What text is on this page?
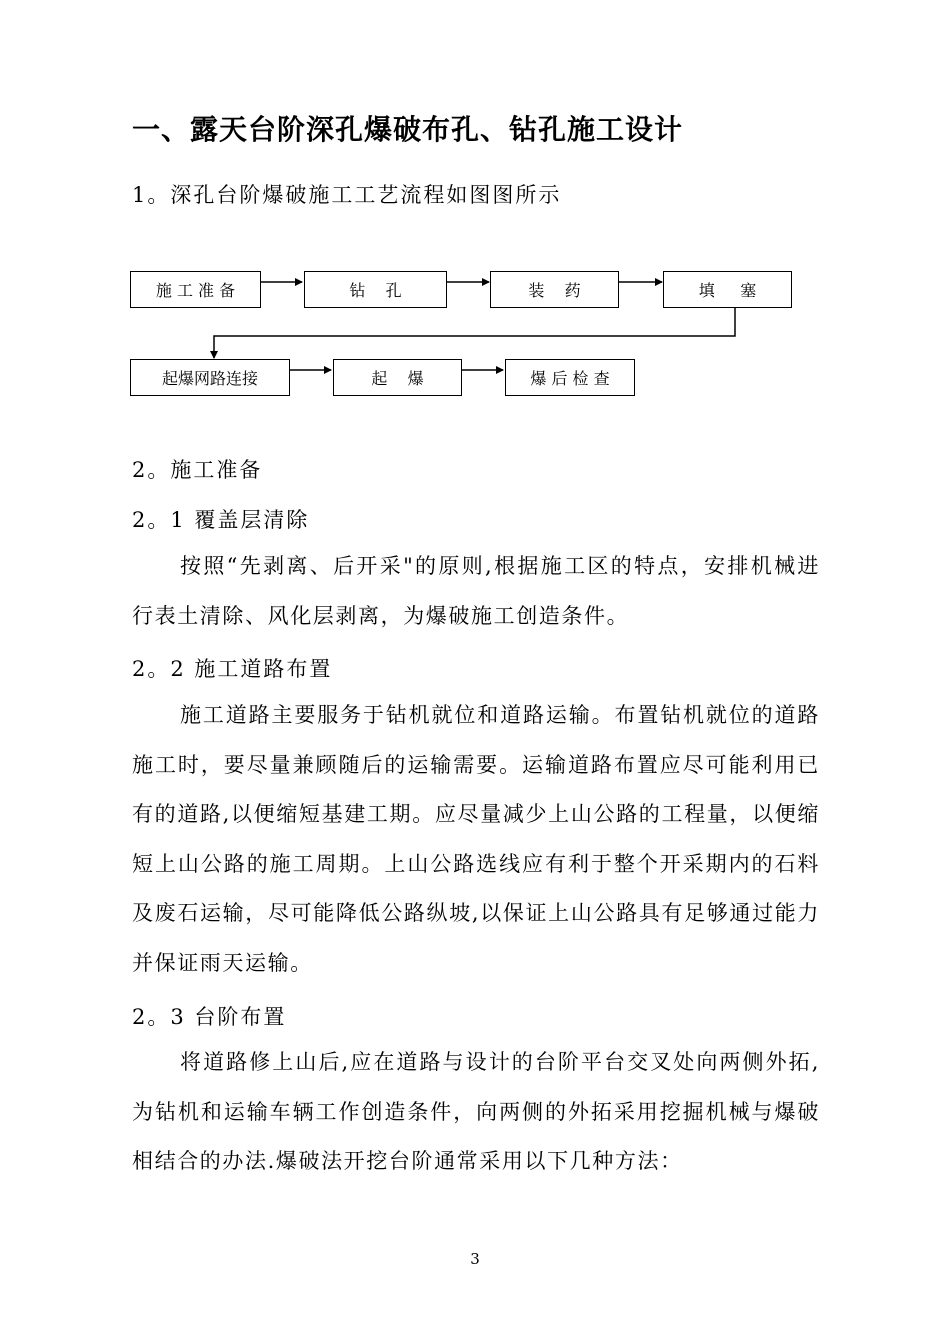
一、露天台阶深孔爆破布孔、钻孔施工设计
1。深孔台阶爆破施工工艺流程如图图所示
施 工 准 备	钻    孔	装    药	填     塞
起爆网路连接	起    爆	爆 后 检 查
2。施工准备
2。1 覆盖层清除
按照“先剥离、后开采"的原则,根据施工区的特点，安排机械进行表土清除、风化层剥离，为爆破施工创造条件。
2。2 施工道路布置
施工道路主要服务于钻机就位和道路运输。布置钻机就位的道路施工时，要尽量兼顾随后的运输需要。运输道路布置应尽可能利用已有的道路,以便缩短基建工期。应尽量减少上山公路的工程量，以便缩短上山公路的施工周期。上山公路选线应有利于整个开采期内的石料及废石运输，尽可能降低公路纵坡,以保证上山公路具有足够通过能力并保证雨天运输。
2。3 台阶布置
将道路修上山后,应在道路与设计的台阶平台交叉处向两侧外拓,为钻机和运输车辆工作创造条件，向两侧的外拓采用挖掘机械与爆破相结合的办法.爆破法开挖台阶通常采用以下几种方法：
3
